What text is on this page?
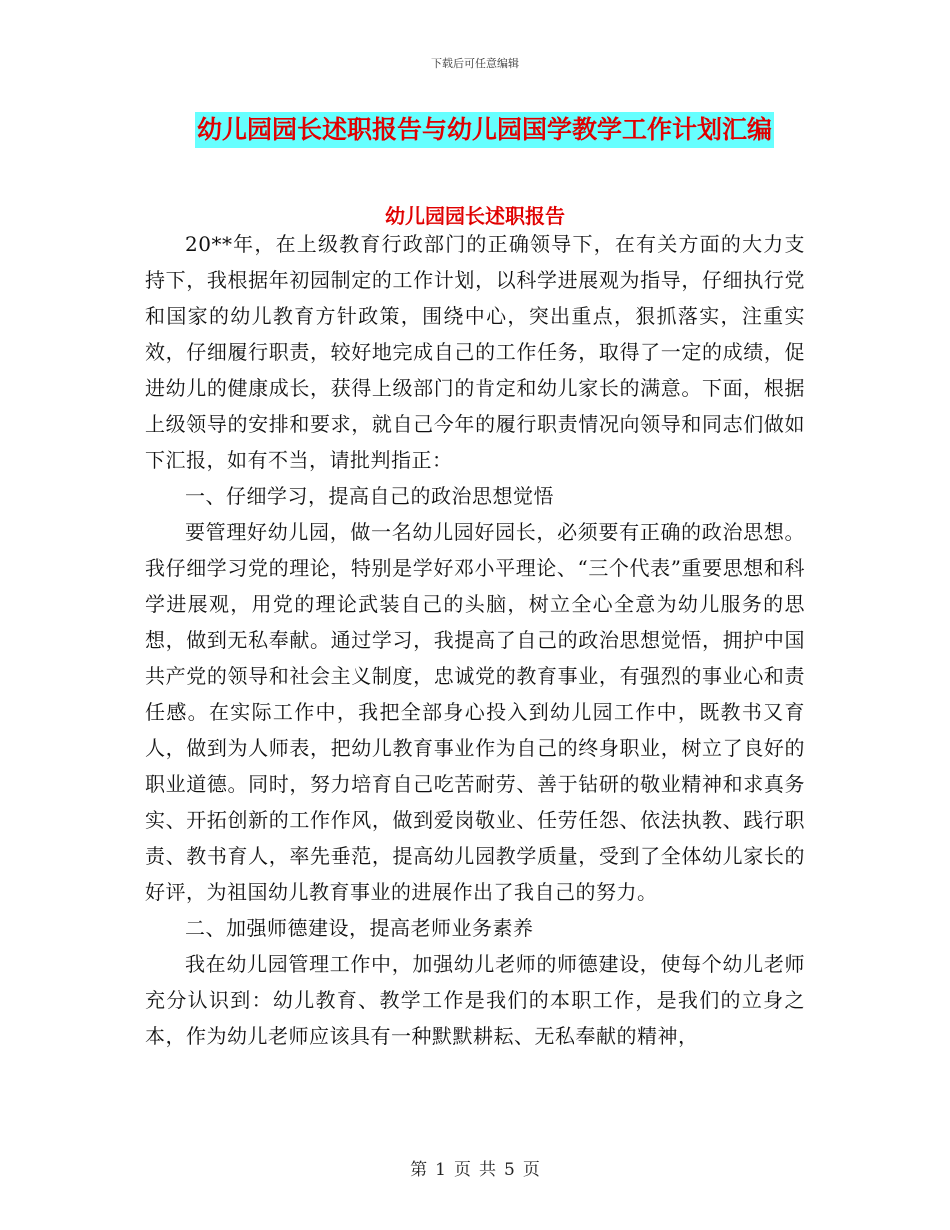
下载后可任意编辑
幼儿园园长述职报告与幼儿园国学教学工作计划汇编
幼儿园园长述职报告

20**年，在上级教育行政部门的正确领导下，在有关方面的大力支持下，我根据年初园制定的工作计划，以科学进展观为指导，仔细执行党和国家的幼儿教育方针政策，围绕中心，突出重点，狠抓落实，注重实效，仔细履行职责，较好地完成自己的工作任务，取得了一定的成绩，促进幼儿的健康成长，获得上级部门的肯定和幼儿家长的满意。下面，根据上级领导的安排和要求，就自己今年的履行职责情况向领导和同志们做如下汇报，如有不当，请批判指正：

一、仔细学习，提高自己的政治思想觉悟

要管理好幼儿园，做一名幼儿园好园长，必须要有正确的政治思想。我仔细学习党的理论，特别是学好邓小平理论、“三个代表”重要思想和科学进展观，用党的理论武装自己的头脑，树立全心全意为幼儿服务的思想，做到无私奉献。通过学习，我提高了自己的政治思想觉悟，拥护中国共产党的领导和社会主义制度，忠诚党的教育事业，有强烈的事业心和责任感。在实际工作中，我把全部身心投入到幼儿园工作中，既教书又育人，做到为人师表，把幼儿教育事业作为自己的终身职业，树立了良好的职业道德。同时，努力培育自己吃苦耐劳、善于钻研的敬业精神和求真务实、开拓创新的工作作风，做到爱岗敬业、任劳任怨、依法执教、践行职责、教书育人，率先垂范，提高幼儿园教学质量，受到了全体幼儿家长的好评，为祖国幼儿教育事业的进展作出了我自己的努力。

二、加强师德建设，提高老师业务素养

我在幼儿园管理工作中，加强幼儿老师的师德建设，使每个幼儿老师充分认识到：幼儿教育、教学工作是我们的本职工作，是我们的立身之本，作为幼儿老师应该具有一种默默耕耘、无私奉献的精神，

第 1 页 共 5 页
